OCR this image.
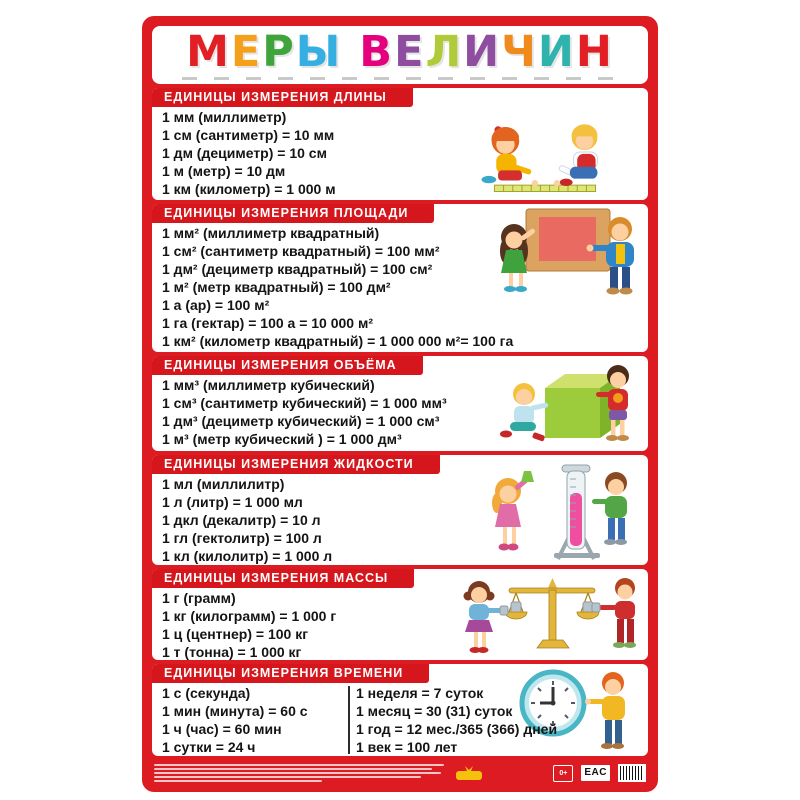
МЕРЫ ВЕЛИЧИН
ЕДИНИЦЫ ИЗМЕРЕНИЯ ДЛИНЫ
1 мм (миллиметр)
1 см (сантиметр) = 10 мм
1 дм (дециметр) = 10 см
1 м (метр) = 10 дм
1 км (километр) = 1 000 м
ЕДИНИЦЫ ИЗМЕРЕНИЯ ПЛОЩАДИ
1 мм² (миллиметр квадратный)
1 см² (сантиметр квадратный) = 100 мм²
1 дм² (дециметр квадратный) = 100 см²
1 м² (метр квадратный) = 100 дм²
1 а (ар) = 100 м²
1 га (гектар) = 100 а = 10 000 м²
1 км² (километр квадратный) = 1 000 000 м²= 100 га
ЕДИНИЦЫ ИЗМЕРЕНИЯ ОБЪЁМА
1 мм³ (миллиметр кубический)
1 см³ (сантиметр кубический) = 1 000 мм³
1 дм³ (дециметр кубический) = 1 000 см³
1 м³ (метр кубический ) = 1 000 дм³
ЕДИНИЦЫ ИЗМЕРЕНИЯ ЖИДКОСТИ
1 мл (миллилитр)
1 л (литр) = 1 000 мл
1 дкл (декалитр) = 10 л
1 гл (гектолитр) = 100 л
1 кл (килолитр) = 1 000 л
ЕДИНИЦЫ ИЗМЕРЕНИЯ МАССЫ
1 г (грамм)
1 кг (килограмм) = 1 000 г
1 ц (центнер) = 100 кг
1 т (тонна) = 1 000 кг
ЕДИНИЦЫ ИЗМЕРЕНИЯ ВРЕМЕНИ
1 с (секунда)
1 мин (минута) = 60 с
1 ч (час) = 60 мин
1 сутки = 24 ч
1 неделя = 7 суток
1 месяц = 30 (31) суток
1 год = 12 мес./365 (366) дней
1 век = 100 лет
0+	EAC
